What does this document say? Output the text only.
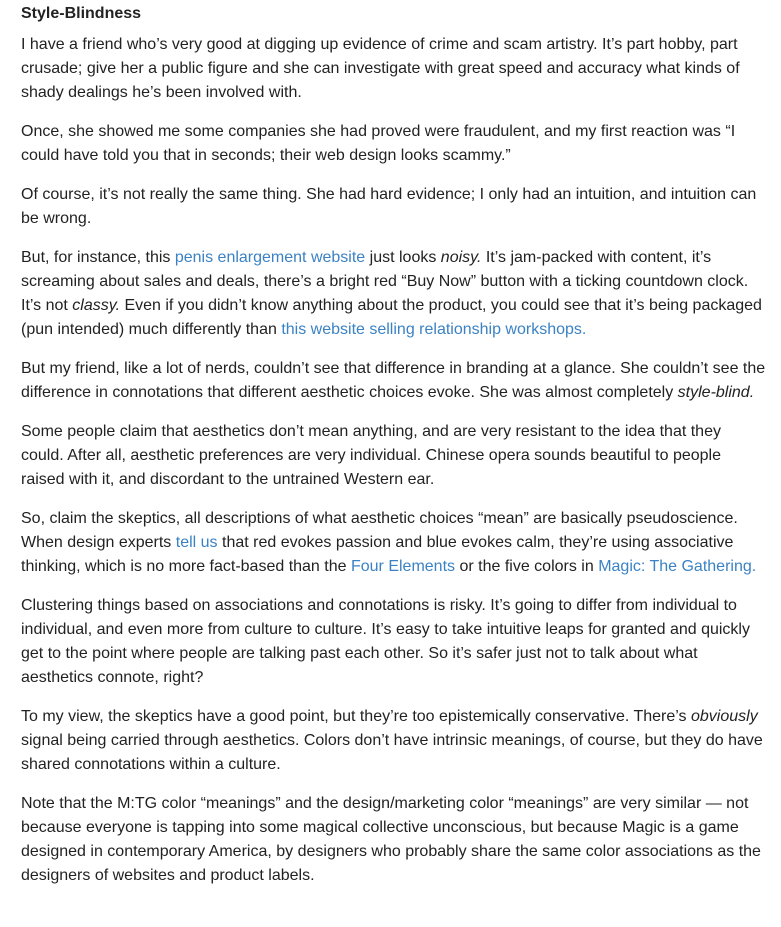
Style-Blindness

I have a friend who’s very good at digging up evidence of crime and scam artistry. It’s part hobby, part crusade; give her a public figure and she can investigate with great speed and accuracy what kinds of shady dealings he’s been involved with.

Once, she showed me some companies she had proved were fraudulent, and my first reaction was “I could have told you that in seconds; their web design looks scammy.”

Of course, it’s not really the same thing. She had hard evidence; I only had an intuition, and intuition can be wrong.

But, for instance, this penis enlargement website just looks noisy. It’s jam-packed with content, it’s screaming about sales and deals, there’s a bright red “Buy Now” button with a ticking countdown clock. It’s not classy. Even if you didn’t know anything about the product, you could see that it’s being packaged (pun intended) much differently than this website selling relationship workshops.

But my friend, like a lot of nerds, couldn’t see that difference in branding at a glance. She couldn’t see the difference in connotations that different aesthetic choices evoke. She was almost completely style-blind.

Some people claim that aesthetics don’t mean anything, and are very resistant to the idea that they could. After all, aesthetic preferences are very individual. Chinese opera sounds beautiful to people raised with it, and discordant to the untrained Western ear.

So, claim the skeptics, all descriptions of what aesthetic choices “mean” are basically pseudoscience. When design experts tell us that red evokes passion and blue evokes calm, they’re using associative thinking, which is no more fact-based than the Four Elements or the five colors in Magic: The Gathering.

Clustering things based on associations and connotations is risky. It’s going to differ from individual to individual, and even more from culture to culture. It’s easy to take intuitive leaps for granted and quickly get to the point where people are talking past each other. So it’s safer just not to talk about what aesthetics connote, right?

To my view, the skeptics have a good point, but they’re too epistemically conservative. There’s obviously signal being carried through aesthetics. Colors don’t have intrinsic meanings, of course, but they do have shared connotations within a culture.

Note that the M:TG color “meanings” and the design/marketing color “meanings” are very similar — not because everyone is tapping into some magical collective unconscious, but because Magic is a game designed in contemporary America, by designers who probably share the same color associations as the designers of websites and product labels.
